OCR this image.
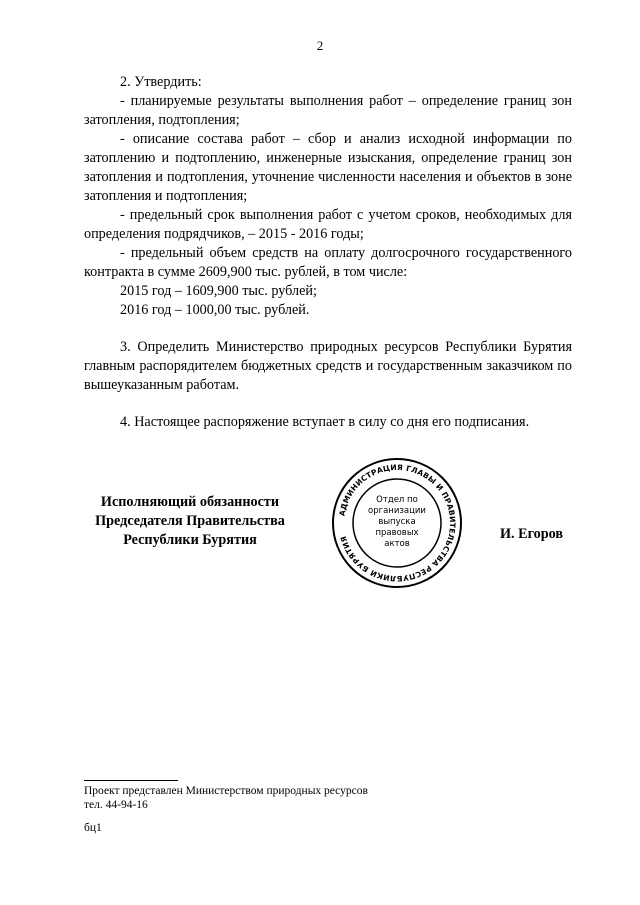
2

2. Утвердить:

- планируемые результаты выполнения работ – определение границ зон затопления, подтопления;

- описание состава работ – сбор и анализ исходной информации по затоплению и подтоплению, инженерные изыскания, определение границ зон затопления и подтопления, уточнение численности населения и объектов в зоне затопления и подтопления;

- предельный срок выполнения работ с учетом сроков, необходимых для определения подрядчиков, – 2015 - 2016 годы;

- предельный объем средств на оплату долгосрочного государственного контракта в сумме 2609,900 тыс. рублей, в том числе:

2015 год – 1609,900 тыс. рублей;

2016 год – 1000,00 тыс. рублей.

3. Определить Министерство природных ресурсов Республики Бурятия главным распорядителем бюджетных средств и государственным заказчиком по вышеуказанным работам.

4. Настоящее распоряжение вступает в силу со дня его подписания.

Исполняющий обязанности
Председателя Правительства
Республики Бурятия
АДМИНИСТРАЦИЯ ГЛАВЫ И ПРАВИТЕЛЬСТВА РЕСПУБЛИКИ БУРЯТИЯ
Отдел по
организации
выпуска
правовых
актов
И. Егоров
Проект представлен Министерством природных ресурсов
тел. 44-94-16
бц1
